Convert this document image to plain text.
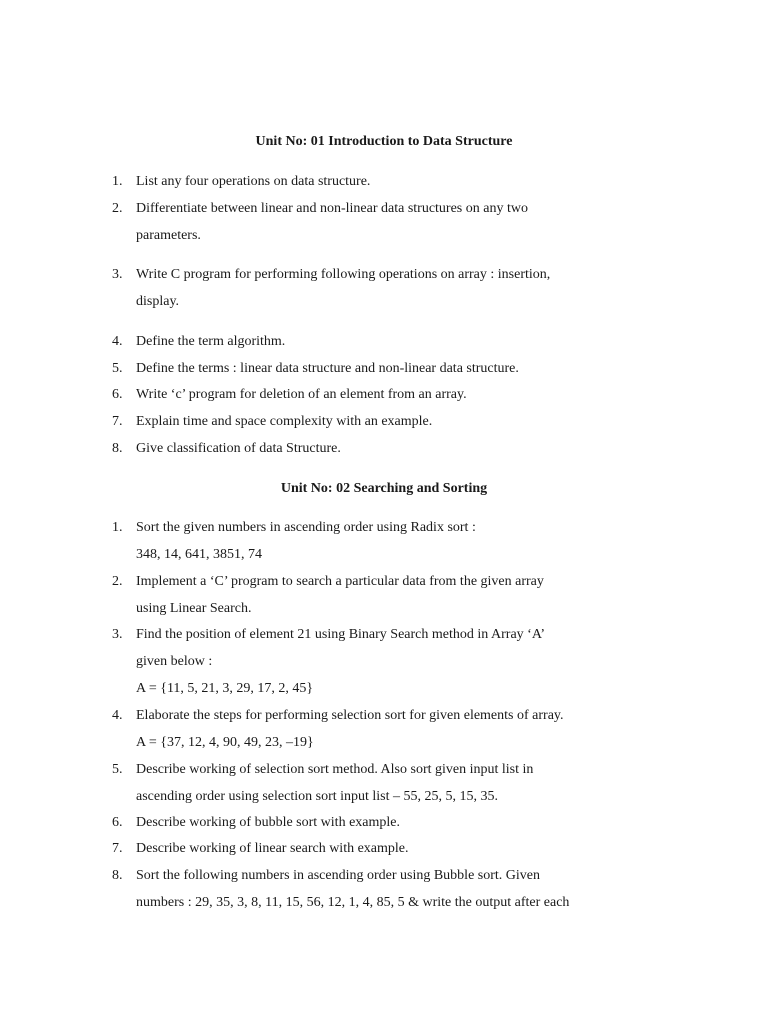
Unit No: 01 Introduction to Data Structure
1. List any four operations on data structure.
2. Differentiate between linear and non-linear data structures on any two
parameters.
3. Write C program for performing following operations on array : insertion,
display.
4. Define the term algorithm.
5. Define the terms : linear data structure and non-linear data structure.
6. Write ‘c’ program for deletion of an element from an array.
7. Explain time and space complexity with an example.
8. Give classification of data Structure.
Unit No: 02 Searching and Sorting
1. Sort the given numbers in ascending order using Radix sort :
348, 14, 641, 3851, 74
2. Implement a ‘C’ program to search a particular data from the given array
using Linear Search.
3. Find the position of element 21 using Binary Search method in Array ‘A’
given below :
A = {11, 5, 21, 3, 29, 17, 2, 45}
4. Elaborate the steps for performing selection sort for given elements of array.
A = {37, 12, 4, 90, 49, 23, –19}
5. Describe working of selection sort method. Also sort given input list in
ascending order using selection sort input list – 55, 25, 5, 15, 35.
6. Describe working of bubble sort with example.
7. Describe working of linear search with example.
8. Sort the following numbers in ascending order using Bubble sort. Given
numbers : 29, 35, 3, 8, 11, 15, 56, 12, 1, 4, 85, 5 & write the output after each
